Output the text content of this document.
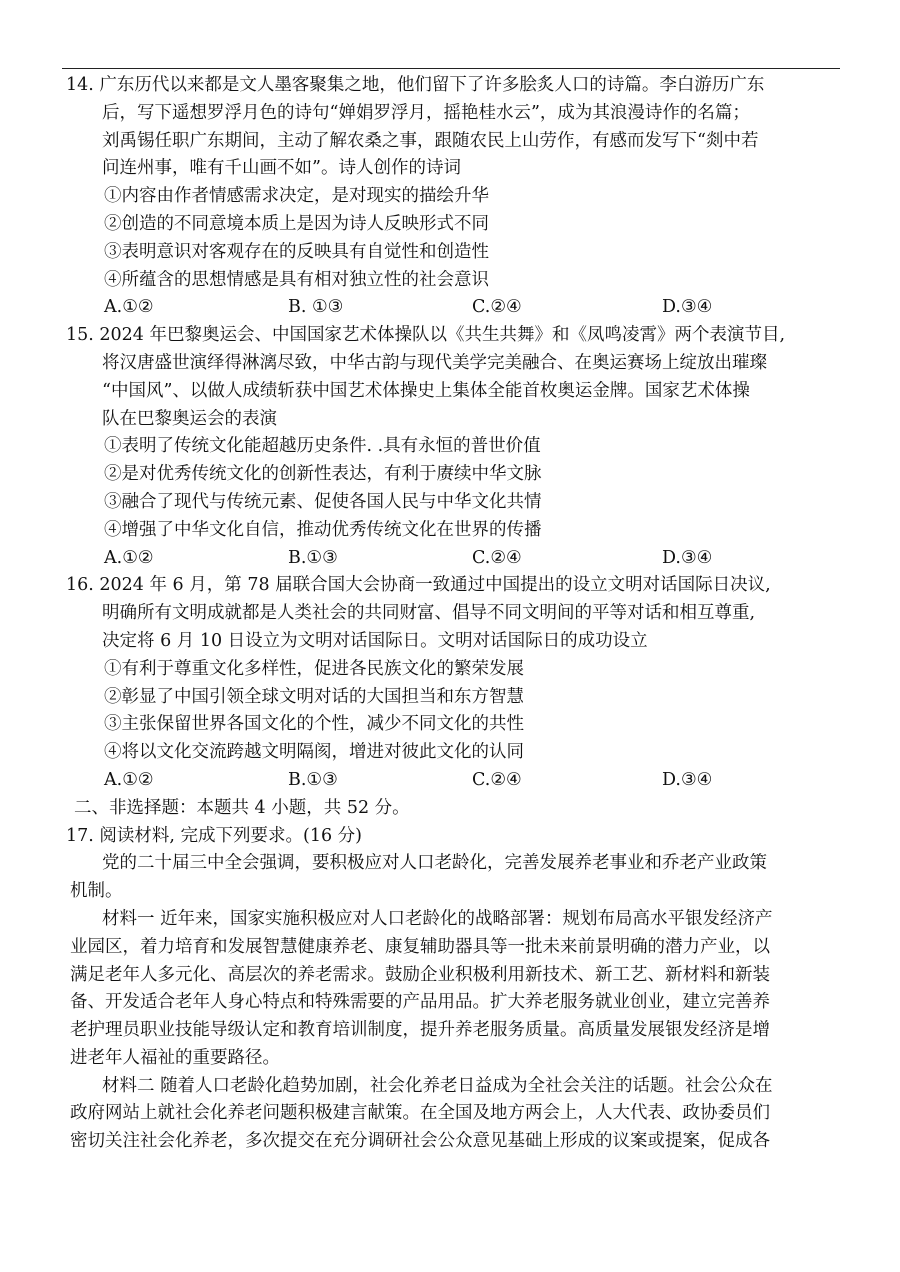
14. 广东历代以来都是文人墨客聚集之地，他们留下了许多脍炙人口的诗篇。李白游历广东
后，写下遥想罗浮月色的诗句“婵娟罗浮月，摇艳桂水云”，成为其浪漫诗作的名篇；
刘禹锡任职广东期间，主动了解农桑之事，跟随农民上山劳作，有感而发写下“剡中若
问连州事，唯有千山画不如”。诗人创作的诗词
①内容由作者情感需求决定，是对现实的描绘升华
②创造的不同意境本质上是因为诗人反映形式不同
③表明意识对客观存在的反映具有自觉性和创造性
④所蕴含的思想情感是具有相对独立性的社会意识
A.①②	B. ①③	C.②④	D.③④
15. 2024 年巴黎奥运会、中国国家艺术体操队以《共生共舞》和《凤鸣凌霄》两个表演节目,
将汉唐盛世演绎得淋漓尽致，中华古韵与现代美学完美融合、在奥运赛场上绽放出璀璨
“中国风”、以做人成绩斩获中国艺术体操史上集体全能首枚奥运金牌。国家艺术体操
队在巴黎奥运会的表演
①表明了传统文化能超越历史条件. .具有永恒的普世价值
②是对优秀传统文化的创新性表达，有利于赓续中华文脉
③融合了现代与传统元素、促使各国人民与中华文化共情
④增强了中华文化自信，推动优秀传统文化在世界的传播
A.①②	B.①③	C.②④	D.③④
16. 2024 年 6 月，第 78 届联合国大会协商一致通过中国提出的设立文明对话国际日决议,
明确所有文明成就都是人类社会的共同财富、倡导不同文明间的平等对话和相互尊重,
决定将 6 月 10 日设立为文明对话国际日。文明对话国际日的成功设立
①有利于尊重文化多样性，促进各民族文化的繁荣发展
②彰显了中国引领全球文明对话的大国担当和东方智慧
③主张保留世界各国文化的个性，减少不同文化的共性
④将以文化交流跨越文明隔阂，增进对彼此文化的认同
A.①②	B.①③	C.②④	D.③④
二、非选择题：本题共 4 小题，共 52 分。
17. 阅读材料, 完成下列要求。(16 分)
党的二十届三中全会强调，要积极应对人口老龄化，完善发展养老事业和乔老产业政策
机制。
材料一 近年来，国家实施积极应对人口老龄化的战略部署：规划布局高水平银发经济产
业园区，着力培育和发展智慧健康养老、康复辅助器具等一批未来前景明确的潜力产业，以
满足老年人多元化、高层次的养老需求。鼓励企业积极利用新技术、新工艺、新材料和新装
备、开发适合老年人身心特点和特殊需要的产品用品。扩大养老服务就业创业，建立完善养
老护理员职业技能导级认定和教育培训制度，提升养老服务质量。高质量发展银发经济是增
进老年人福祉的重要路径。
材料二 随着人口老龄化趋势加剧，社会化养老日益成为全社会关注的话题。社会公众在
政府网站上就社会化养老问题积极建言献策。在全国及地方两会上，人大代表、政协委员们
密切关注社会化养老，多次提交在充分调研社会公众意见基础上形成的议案或提案，促成各
